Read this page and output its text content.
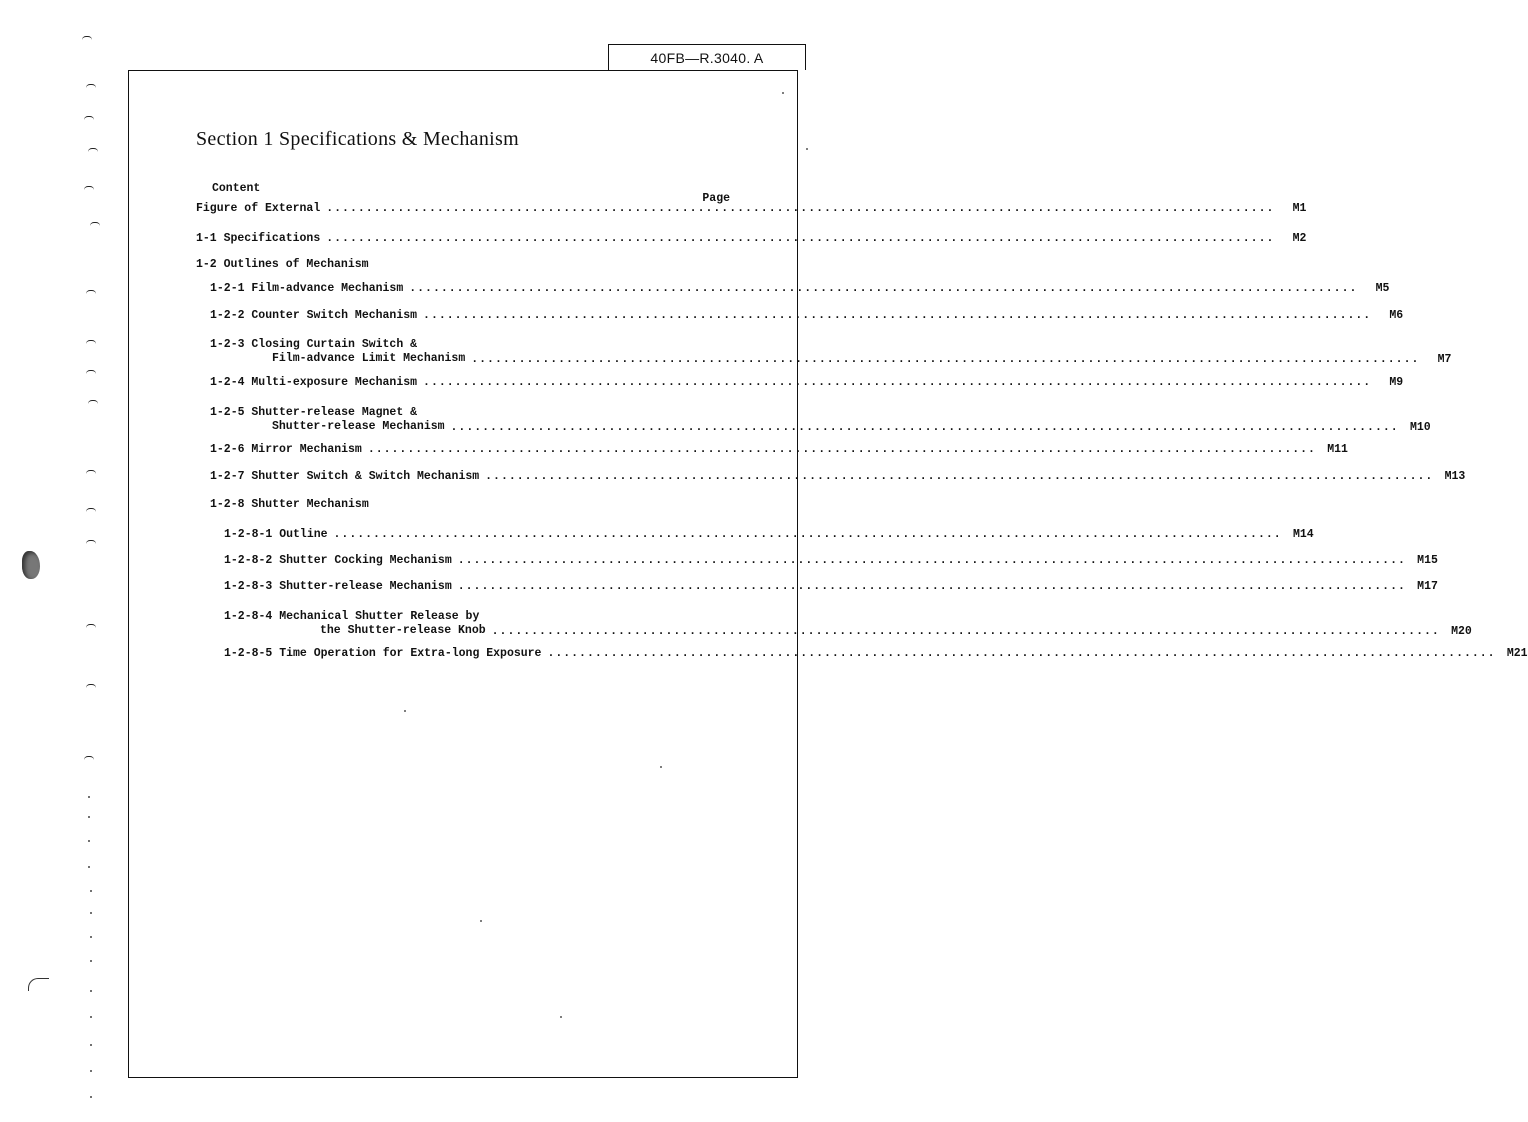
40FB—R.3040. A
Section 1 Specifications & Mechanism
Content
Page
Figure of External ........................................................................................................................	M1
1-1 Specifications ........................................................................................................................	M2
1-2 Outlines of Mechanism
1-2-1 Film-advance Mechanism ........................................................................................................................	M5
1-2-2 Counter Switch Mechanism ........................................................................................................................	M6
1-2-3 Closing Curtain Switch &
Film-advance Limit Mechanism ........................................................................................................................	M7
1-2-4 Multi-exposure Mechanism ........................................................................................................................	M9
1-2-5 Shutter-release Magnet &
Shutter-release Mechanism ........................................................................................................................ M10
1-2-6 Mirror Mechanism ........................................................................................................................ M11
1-2-7 Shutter Switch & Switch Mechanism ........................................................................................................................ M13
1-2-8 Shutter Mechanism
1-2-8-1 Outline ........................................................................................................................ M14
1-2-8-2 Shutter Cocking Mechanism ........................................................................................................................ M15
1-2-8-3 Shutter-release Mechanism ........................................................................................................................ M17
1-2-8-4 Mechanical Shutter Release by
the Shutter-release Knob ........................................................................................................................ M20
1-2-8-5 Time Operation for Extra-long Exposure ........................................................................................................................ M21
